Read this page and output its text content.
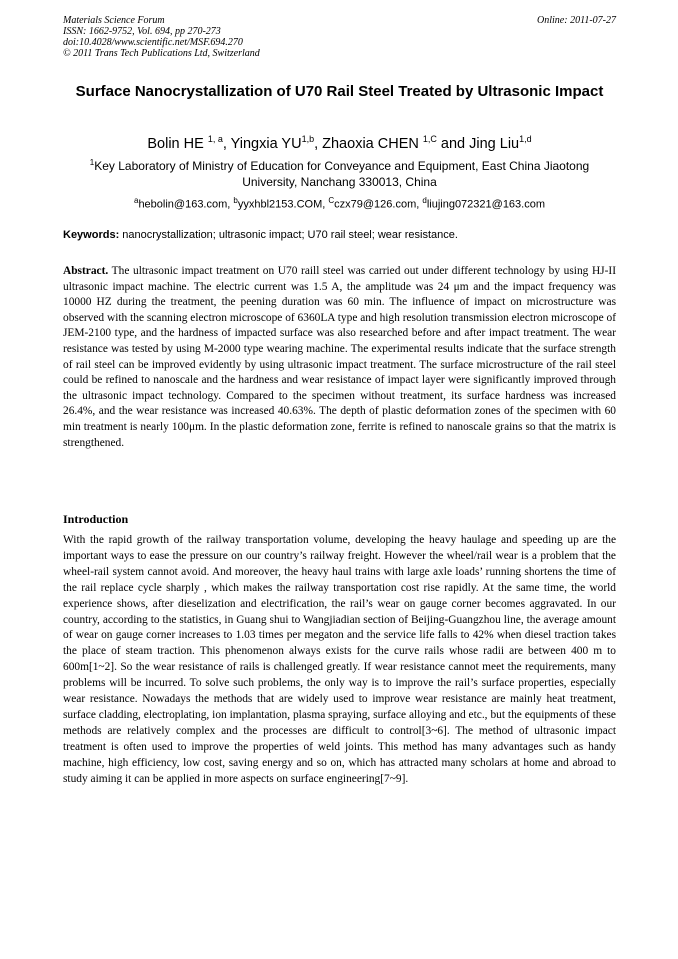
Materials Science Forum
ISSN: 1662-9752, Vol. 694, pp 270-273
doi:10.4028/www.scientific.net/MSF.694.270
© 2011 Trans Tech Publications Ltd, Switzerland
Online: 2011-07-27
Surface Nanocrystallization of U70 Rail Steel Treated by Ultrasonic Impact
Bolin HE $^{1, a}$, Yingxia YU$^{1,b}$, Zhaoxia CHEN $^{1,C}$ and Jing Liu$^{1,d}$
$^1$Key Laboratory of Ministry of Education for Conveyance and Equipment, East China Jiaotong University, Nanchang 330013, China
$^a$hebolin@163.com, $^b$yyxhbl2153.COM, $^C$czx79@126.com, $^d$liujing072321@163.com
Keywords: nanocrystallization; ultrasonic impact; U70 rail steel; wear resistance.
Abstract. The ultrasonic impact treatment on U70 raill steel was carried out under different technology by using HJ-II ultrasonic impact machine. The electric current was 1.5 A, the amplitude was 24 μm and the impact frequency was 10000 HZ during the treatment, the peening duration was 60 min. The influence of impact on microstructure was observed with the scanning electron microscope of 6360LA type and high resolution transmission electron microscope of JEM-2100 type, and the hardness of impacted surface was also researched before and after impact treatment. The wear resistance was tested by using M-2000 type wearing machine. The experimental results indicate that the surface strength of rail steel can be improved evidently by using ultrasonic impact treatment. The surface microstructure of the rail steel could be refined to nanoscale and the hardness and wear resistance of impact layer were significantly improved through the ultrasonic impact technology. Compared to the specimen without treatment, its surface hardness was increased 26.4%, and the wear resistance was increased 40.63%. The depth of plastic deformation zones of the specimen with 60 min treatment is nearly 100μm. In the plastic deformation zone, ferrite is refined to nanoscale grains so that the matrix is strengthened.
Introduction
With the rapid growth of the railway transportation volume, developing the heavy haulage and speeding up are the important ways to ease the pressure on our country’s railway freight. However the wheel/rail wear is a problem that the wheel-rail system cannot avoid. And moreover, the heavy haul trains with large axle loads’ running shortens the time of the rail replace cycle sharply , which makes the railway transportation cost rise rapidly. At the same time, the world experience shows, after dieselization and electrification, the rail’s wear on gauge corner becomes aggravated. In our country, according to the statistics, in Guang shui to Wangjiadian section of Beijing-Guangzhou line, the average amount of wear on gauge corner increases to 1.03 times per megaton and the service life falls to 42% when diesel traction takes the place of steam traction. This phenomenon always exists for the curve rails whose radii are between 400 m to 600m[1~2]. So the wear resistance of rails is challenged greatly. If wear resistance cannot meet the requirements, many problems will be incurred. To solve such problems, the only way is to improve the rail’s surface properties, especially wear resistance. Nowadays the methods that are widely used to improve wear resistance are mainly heat treatment, surface cladding, electroplating, ion implantation, plasma spraying, surface alloying and etc., but the equipments of these methods are relatively complex and the processes are difficult to control[3~6]. The method of ultrasonic impact treatment is often used to improve the properties of weld joints. This method has many advantages such as handy machine, high efficiency, low cost, saving energy and so on, which has attracted many scholars at home and abroad to study aiming it can be applied in more aspects on surface engineering[7~9].
